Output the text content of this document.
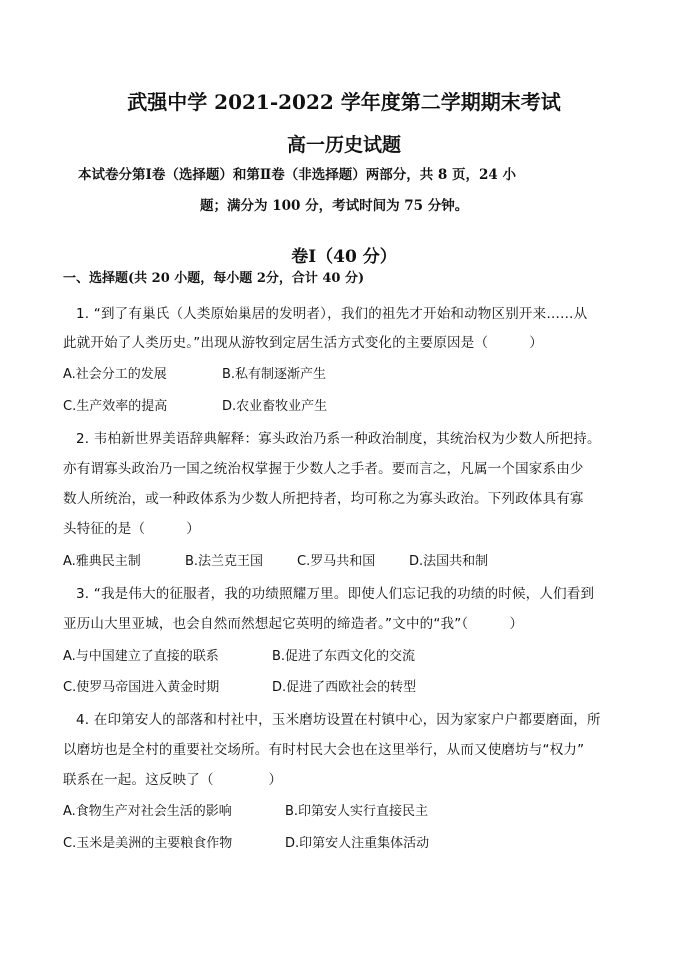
武强中学 2021-2022 学年度第二学期期末考试
高一历史试题
本试卷分第Ⅰ卷（选择题）和第Ⅱ卷（非选择题）两部分，共 8 页，24 小
题；满分为 100 分，考试时间为 75 分钟。
卷Ⅰ（40 分）
一、选择题(共 20 小题，每小题 2分，合计 40 分)
1. “到了有巢氏（人类原始巢居的发明者），我们的祖先才开始和动物区别开来……从
此就开始了人类历史。”出现从游牧到定居生活方式变化的主要原因是（　　　）
A.社会分工的发展	B.私有制逐渐产生
C.生产效率的提高	D.农业畜牧业产生
2. 韦柏新世界美语辞典解释：寡头政治乃系一种政治制度，其统治权为少数人所把持。
亦有谓寡头政治乃一国之统治权掌握于少数人之手者。要而言之，凡属一个国家系由少
数人所统治，或一种政体系为少数人所把持者，均可称之为寡头政治。下列政体具有寡
头特征的是（　　　）
A.雅典民主制	B.法兰克王国	C.罗马共和国	D.法国共和制
3. “我是伟大的征服者，我的功绩照耀万里。即使人们忘记我的功绩的时候，人们看到
亚历山大里亚城，也会自然而然想起它英明的缔造者。”文中的“我”（　　　）
A.与中国建立了直接的联系	B.促进了东西文化的交流
C.使罗马帝国进入黄金时期	D.促进了西欧社会的转型
4. 在印第安人的部落和村社中，玉米磨坊设置在村镇中心，因为家家户户都要磨面，所
以磨坊也是全村的重要社交场所。有时村民大会也在这里举行，从而又使磨坊与“权力”
联系在一起。这反映了（　　　　）
A.食物生产对社会生活的影响	B.印第安人实行直接民主
C.玉米是美洲的主要粮食作物	D.印第安人注重集体活动
